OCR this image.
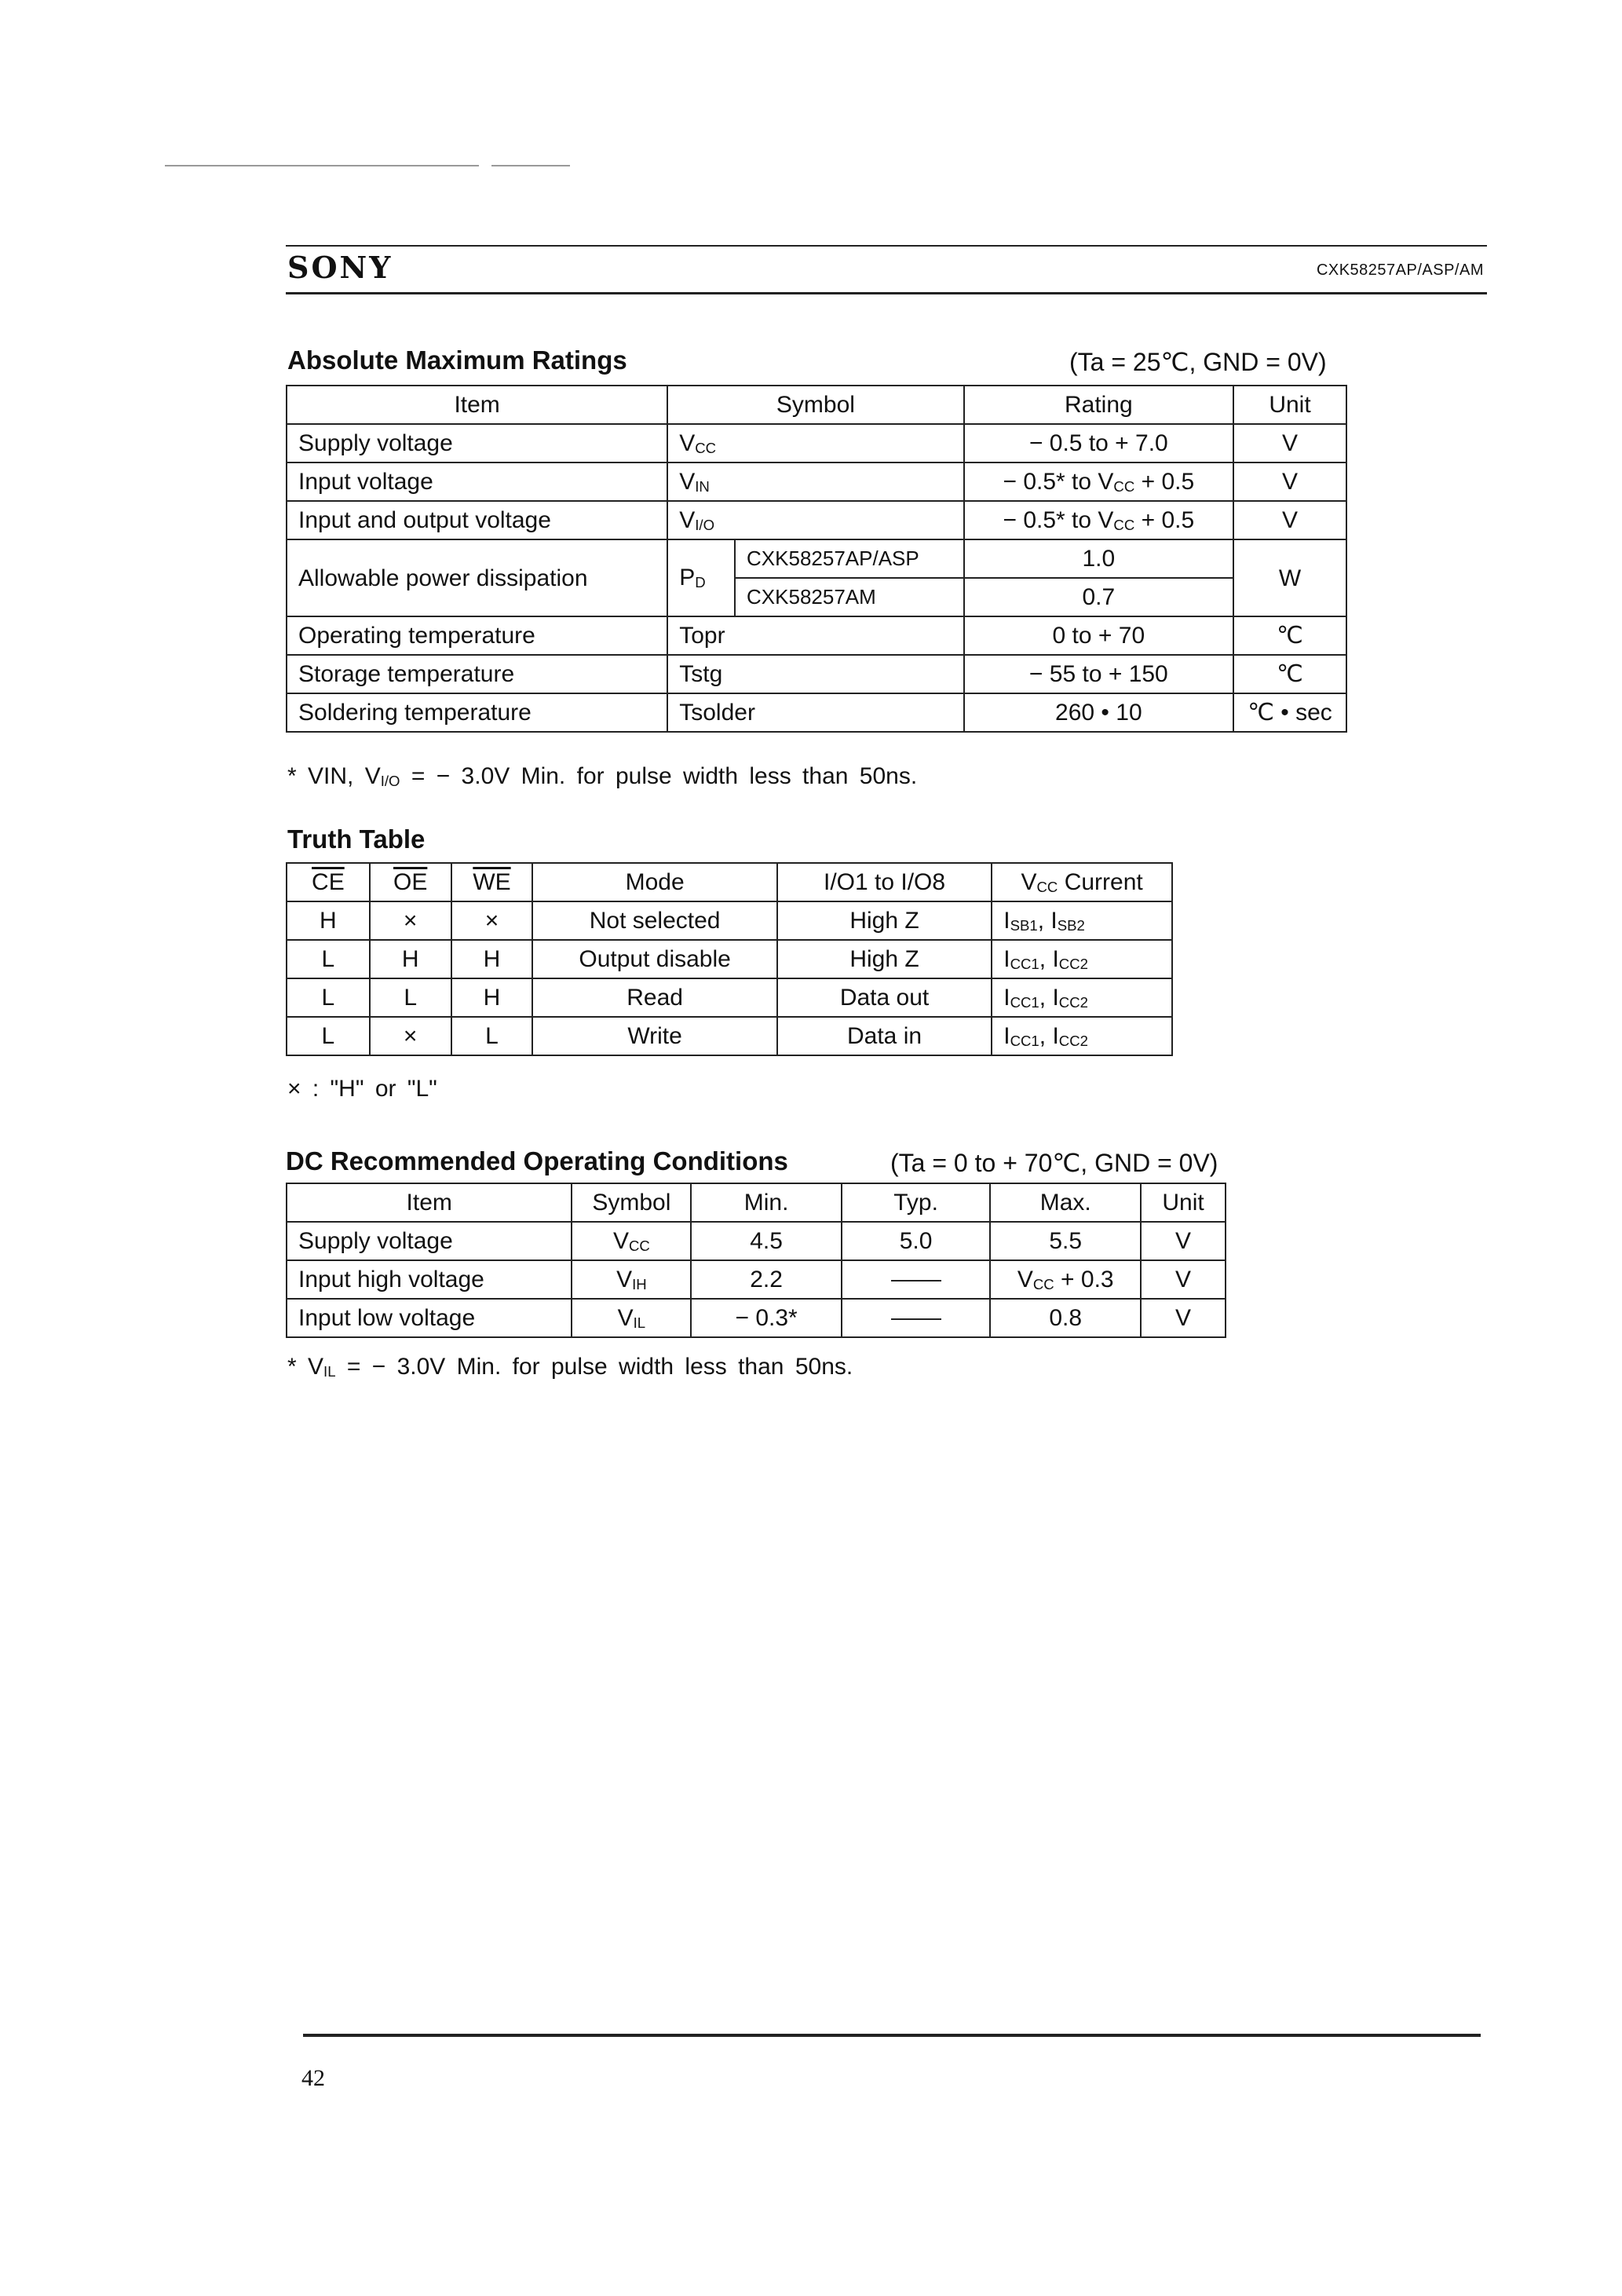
SONY	CXK58257AP/ASP/AM
Absolute Maximum Ratings	(Ta = 25℃, GND = 0V)
Item	Symbol		Rating	Unit
Supply voltage	VCC		− 0.5 to + 7.0	V
Input voltage	VIN		− 0.5* to VCC + 0.5	V
Input and output voltage	VI/O		− 0.5* to VCC + 0.5	V
Allowable power dissipation	PD	CXK58257AP/ASP	1.0	W
		CXK58257AM	0.7	
Operating temperature	Topr		0 to + 70	℃
Storage temperature	Tstg		− 55 to + 150	℃
Soldering temperature	Tsolder		260 • 10	℃ • sec
* VIN, VI/O = − 3.0V Min. for pulse width less than 50ns.
Truth Table
$\overline{CE}$	$\overline{OE}$	$\overline{WE}$	Mode	I/O1 to I/O8	VCC Current
H	×	×	Not selected	High Z	ISB1, ISB2
L	H	H	Output disable	High Z	ICC1, ICC2
L	L	H	Read	Data out	ICC1, ICC2
L	×	L	Write	Data in	ICC1, ICC2
× : "H" or "L"
DC Recommended Operating Conditions	(Ta = 0 to + 70℃, GND = 0V)
Item	Symbol	Min.	Typ.	Max.	Unit
Supply voltage	VCC	4.5	5.0	5.5	V
Input high voltage	VIH	2.2		VCC + 0.3	V
Input low voltage	VIL	− 0.3*		0.8	V
* VIL = − 3.0V Min. for pulse width less than 50ns.
42
